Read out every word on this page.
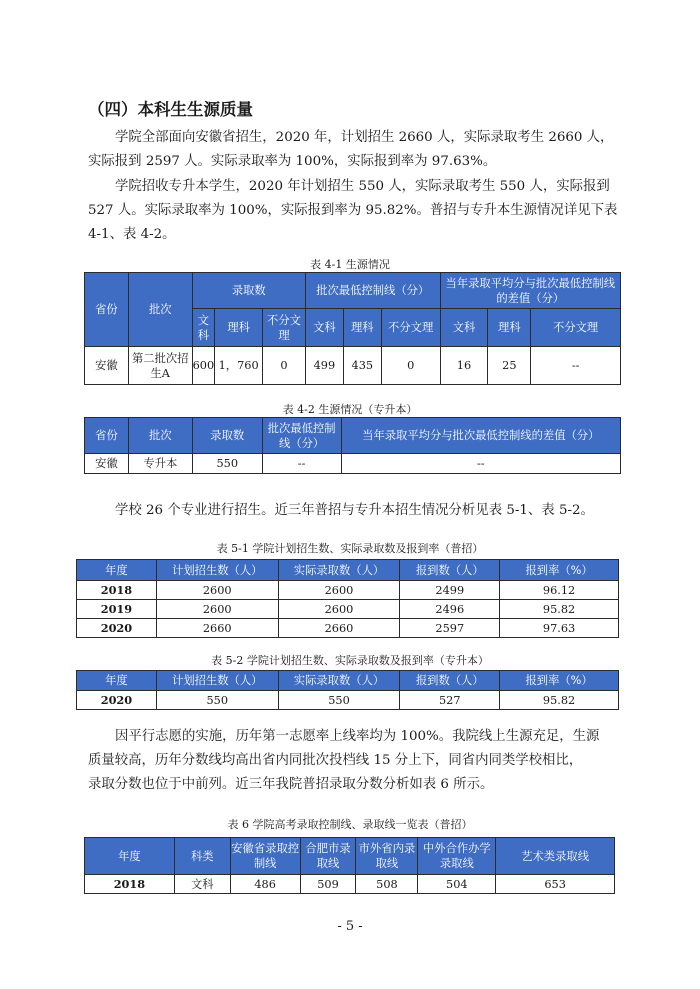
（四）本科生生源质量
学院全部面向安徽省招生，2020 年，计划招生 2660 人，实际录取考生 2660 人，
实际报到 2597 人。实际录取率为 100%，实际报到率为 97.63%。
学院招收专升本学生，2020 年计划招生 550 人，实际录取考生 550 人，实际报到
527 人。实际录取率为 100%，实际报到率为 95.82%。普招与专升本生源情况详见下表
4-1、表 4-2。
表 4-1 生源情况
省份	批次	录取数			批次最低控制线（分）			当年录取平均分与批次最低控制线的差值（分）		
		文科	理科	不分文理	文科	理科	不分文理	文科	理科	不分文理
安徽	第二批次招生A	600	1，760	0	499	435	0	16	25	--
表 4-2 生源情况（专升本）
省份	批次	录取数	批次最低控制线（分）	当年录取平均分与批次最低控制线的差值（分）
安徽	专升本	550	--	--
学校 26 个专业进行招生。近三年普招与专升本招生情况分析见表 5-1、表 5-2。
表 5-1 学院计划招生数、实际录取数及报到率（普招）
年度	计划招生数（人）	实际录取数（人）	报到数（人）	报到率（%）
2018	2600	2600	2499	96.12
2019	2600	2600	2496	95.82
2020	2660	2660	2597	97.63
表 5-2 学院计划招生数、实际录取数及报到率（专升本）
年度	计划招生数（人）	实际录取数（人）	报到数（人）	报到率（%）
2020	550	550	527	95.82
因平行志愿的实施，历年第一志愿率上线率均为 100%。我院线上生源充足，生源
质量较高，历年分数线均高出省内同批次投档线 15 分上下，同省内同类学校相比，
录取分数也位于中前列。近三年我院普招录取分数分析如表 6 所示。
表 6 学院高考录取控制线、录取线一览表（普招）
年度	科类	安徽省录取控制线	合肥市录取线	市外省内录取线	中外合作办学录取线	艺术类录取线
2018	文科	486	509	508	504	653
- 5 -
